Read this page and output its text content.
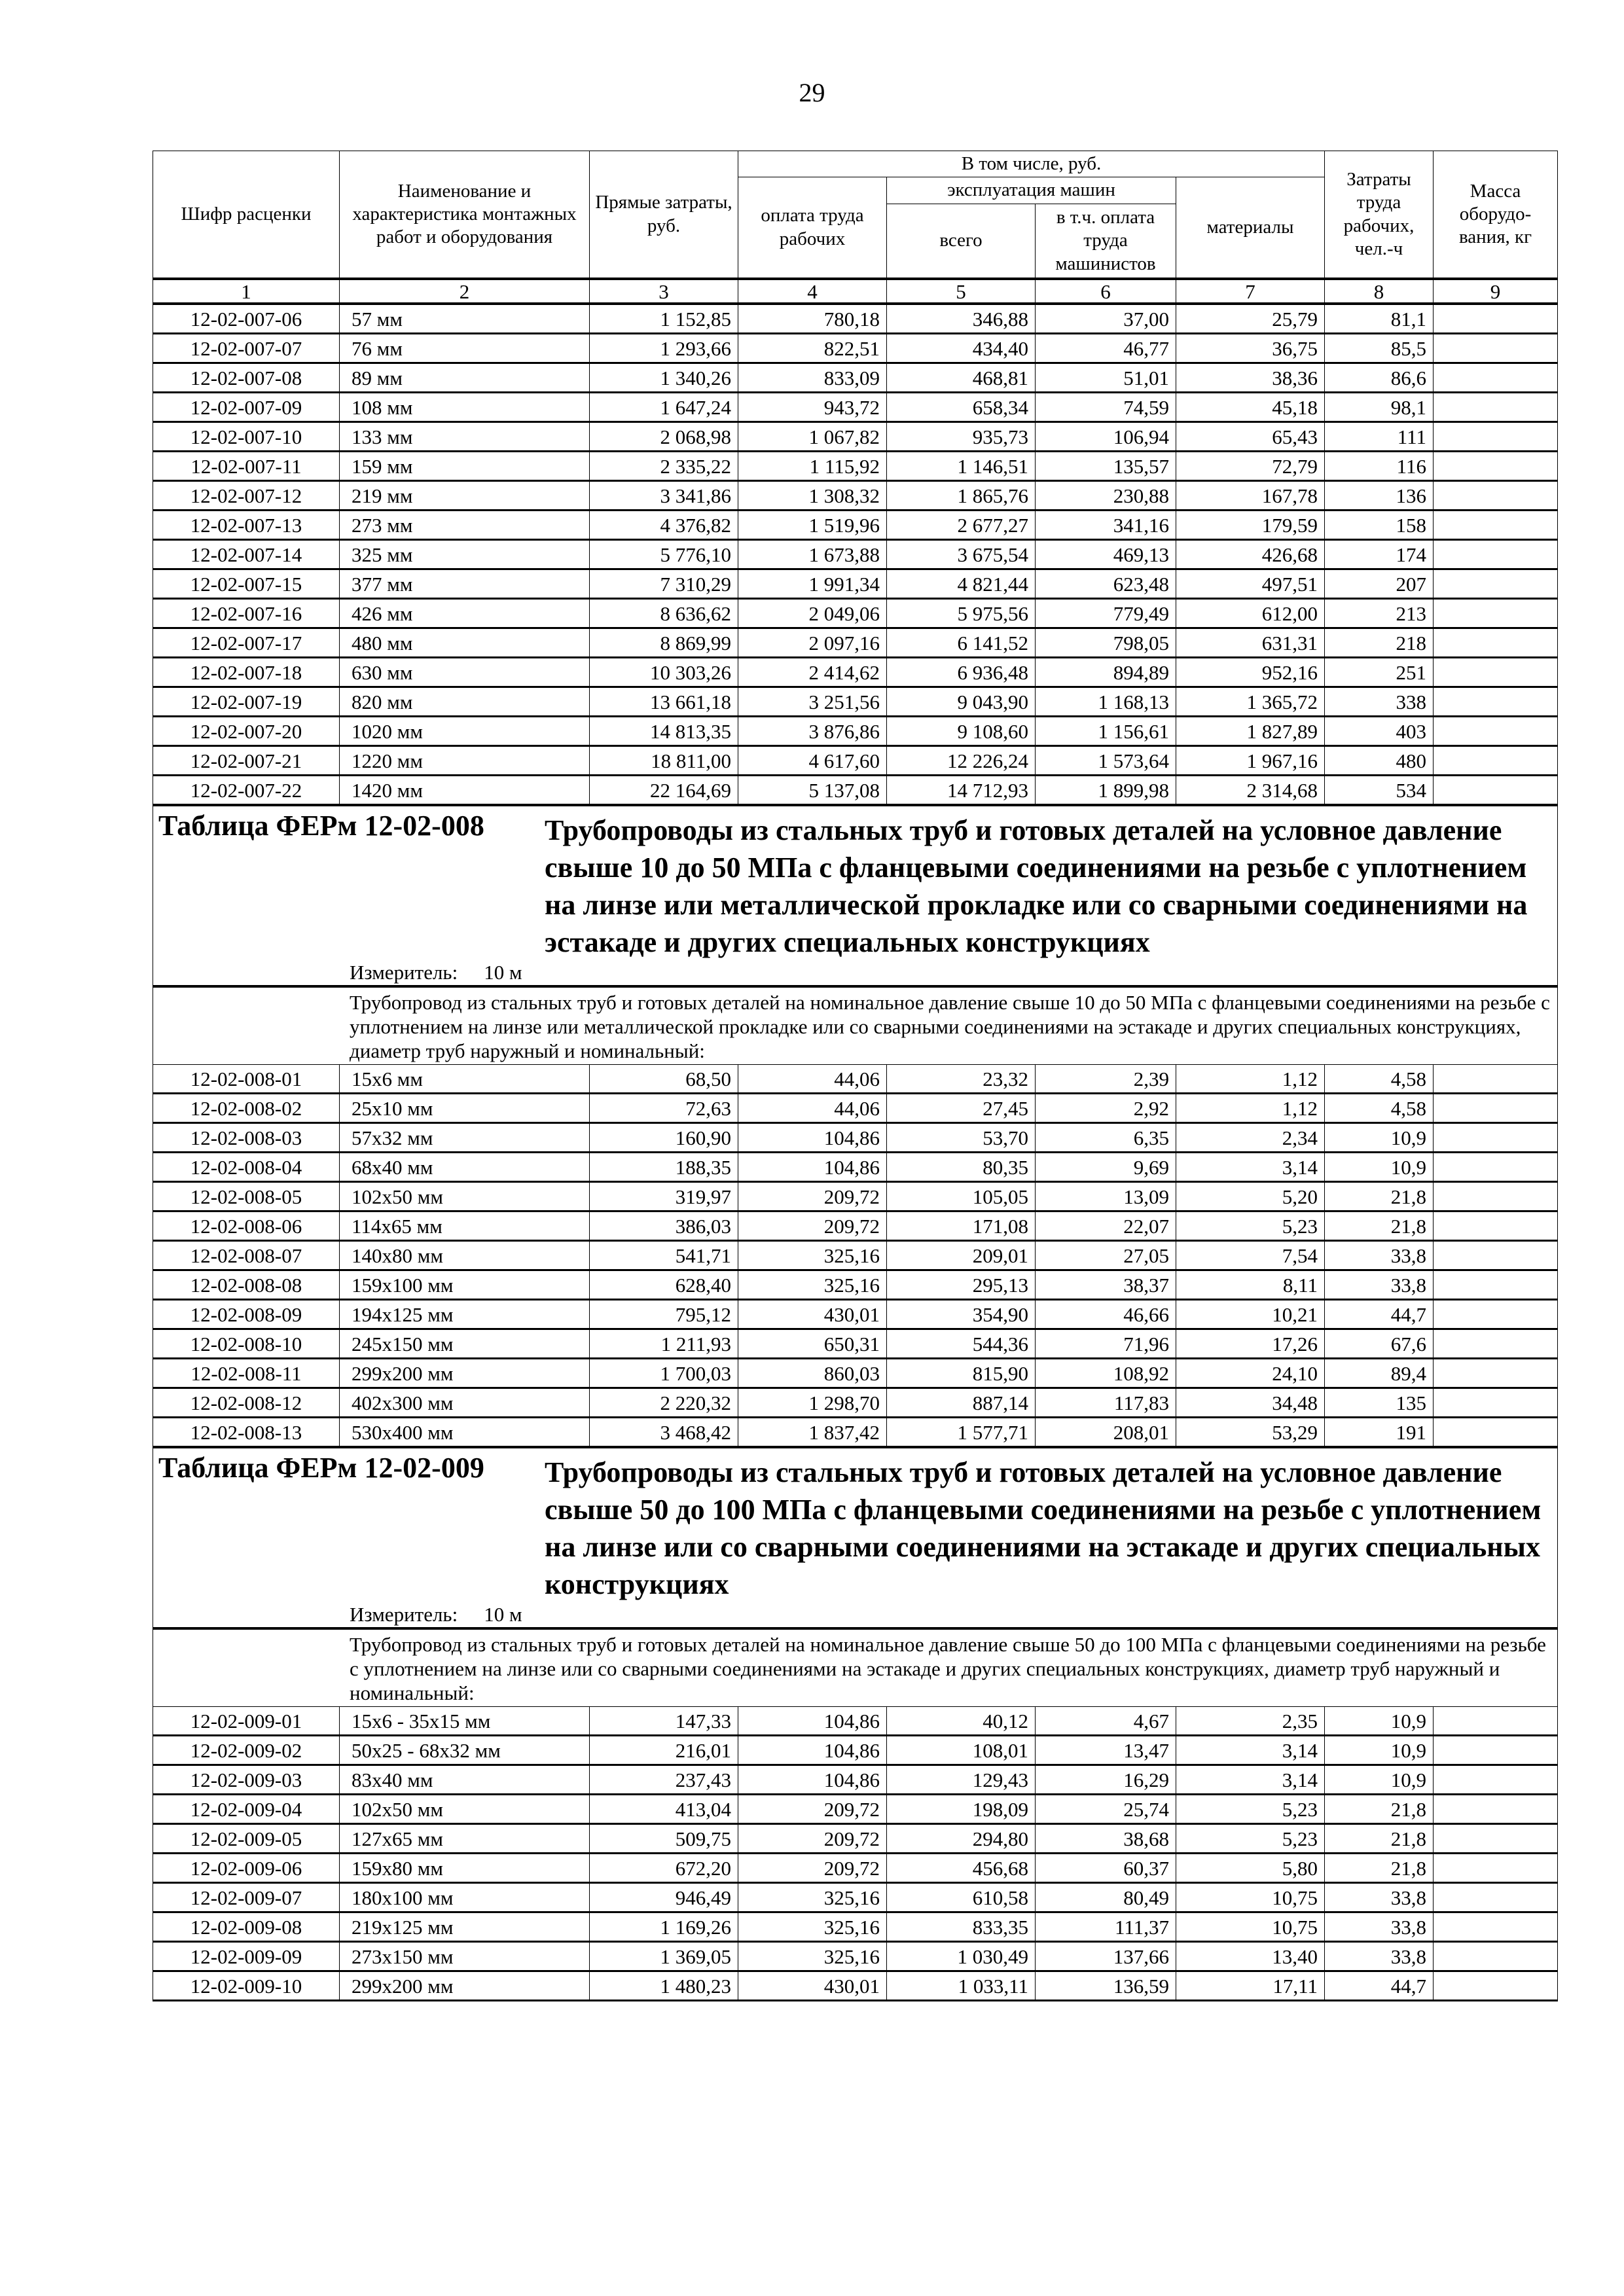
29
Шифр расценки	Наименование и характеристика монтажных работ и оборудования	Прямые затраты, руб.	В том числе, руб.				Затраты труда рабочих, чел.-ч	Масса оборудо-вания, кг
			оплата труда рабочих	эксплуатация машин		материалы		
				всего	в т.ч. оплата труда машинистов			
1	2	3	4	5	6	7	8	9
12-02-007-06	57 мм	1 152,85	780,18	346,88	37,00	25,79	81,1	
12-02-007-07	76 мм	1 293,66	822,51	434,40	46,77	36,75	85,5	
12-02-007-08	89 мм	1 340,26	833,09	468,81	51,01	38,36	86,6	
12-02-007-09	108 мм	1 647,24	943,72	658,34	74,59	45,18	98,1	
12-02-007-10	133 мм	2 068,98	1 067,82	935,73	106,94	65,43	111	
12-02-007-11	159 мм	2 335,22	1 115,92	1 146,51	135,57	72,79	116	
12-02-007-12	219 мм	3 341,86	1 308,32	1 865,76	230,88	167,78	136	
12-02-007-13	273 мм	4 376,82	1 519,96	2 677,27	341,16	179,59	158	
12-02-007-14	325 мм	5 776,10	1 673,88	3 675,54	469,13	426,68	174	
12-02-007-15	377 мм	7 310,29	1 991,34	4 821,44	623,48	497,51	207	
12-02-007-16	426 мм	8 636,62	2 049,06	5 975,56	779,49	612,00	213	
12-02-007-17	480 мм	8 869,99	2 097,16	6 141,52	798,05	631,31	218	
12-02-007-18	630 мм	10 303,26	2 414,62	6 936,48	894,89	952,16	251	
12-02-007-19	820 мм	13 661,18	3 251,56	9 043,90	1 168,13	1 365,72	338	
12-02-007-20	1020 мм	14 813,35	3 876,86	9 108,60	1 156,61	1 827,89	403	
12-02-007-21	1220 мм	18 811,00	4 617,60	12 226,24	1 573,64	1 967,16	480	
12-02-007-22	1420 мм	22 164,69	5 137,08	14 712,93	1 899,98	2 314,68	534	

Таблица ФЕРм 12-02-008 Трубопроводы из стальных труб и готовых деталей на условное давление свыше 10 до 50 МПа с фланцевыми соединениями на резьбе с уплотнением на линзе или металлической прокладке или со сварными соединениями на эстакаде и других специальных конструкциях
Измеритель: 10 м								

Трубопровод из стальных труб и готовых деталей на номинальное давление свыше 10 до 50 МПа с фланцевыми соединениями на резьбе с уплотнением на линзе или металлической прокладке или со сварными соединениями на эстакаде и других специальных конструкциях, диаметр труб наружный и номинальный:								

12-02-008-01	15х6 мм	68,50	44,06	23,32	2,39	1,12	4,58	
12-02-008-02	25х10 мм	72,63	44,06	27,45	2,92	1,12	4,58	
12-02-008-03	57х32 мм	160,90	104,86	53,70	6,35	2,34	10,9	
12-02-008-04	68х40 мм	188,35	104,86	80,35	9,69	3,14	10,9	
12-02-008-05	102х50 мм	319,97	209,72	105,05	13,09	5,20	21,8	
12-02-008-06	114х65 мм	386,03	209,72	171,08	22,07	5,23	21,8	
12-02-008-07	140х80 мм	541,71	325,16	209,01	27,05	7,54	33,8	
12-02-008-08	159х100 мм	628,40	325,16	295,13	38,37	8,11	33,8	
12-02-008-09	194х125 мм	795,12	430,01	354,90	46,66	10,21	44,7	
12-02-008-10	245х150 мм	1 211,93	650,31	544,36	71,96	17,26	67,6	
12-02-008-11	299х200 мм	1 700,03	860,03	815,90	108,92	24,10	89,4	
12-02-008-12	402х300 мм	2 220,32	1 298,70	887,14	117,83	34,48	135	
12-02-008-13	530х400 мм	3 468,42	1 837,42	1 577,71	208,01	53,29	191	

Таблица ФЕРм 12-02-009 Трубопроводы из стальных труб и готовых деталей на условное давление свыше 50 до 100 МПа с фланцевыми соединениями на резьбе с уплотнением на линзе или со сварными соединениями на эстакаде и других специальных конструкциях
Измеритель: 10 м								

Трубопровод из стальных труб и готовых деталей на номинальное давление свыше 50 до 100 МПа с фланцевыми соединениями на резьбе с уплотнением на линзе или со сварными соединениями на эстакаде и других специальных конструкциях, диаметр труб наружный и номинальный:								

12-02-009-01	15х6 - 35х15 мм	147,33	104,86	40,12	4,67	2,35	10,9	
12-02-009-02	50х25 - 68х32 мм	216,01	104,86	108,01	13,47	3,14	10,9	
12-02-009-03	83х40 мм	237,43	104,86	129,43	16,29	3,14	10,9	
12-02-009-04	102х50 мм	413,04	209,72	198,09	25,74	5,23	21,8	
12-02-009-05	127х65 мм	509,75	209,72	294,80	38,68	5,23	21,8	
12-02-009-06	159х80 мм	672,20	209,72	456,68	60,37	5,80	21,8	
12-02-009-07	180х100 мм	946,49	325,16	610,58	80,49	10,75	33,8	
12-02-009-08	219х125 мм	1 169,26	325,16	833,35	111,37	10,75	33,8	
12-02-009-09	273х150 мм	1 369,05	325,16	1 030,49	137,66	13,40	33,8	
12-02-009-10	299х200 мм	1 480,23	430,01	1 033,11	136,59	17,11	44,7	
